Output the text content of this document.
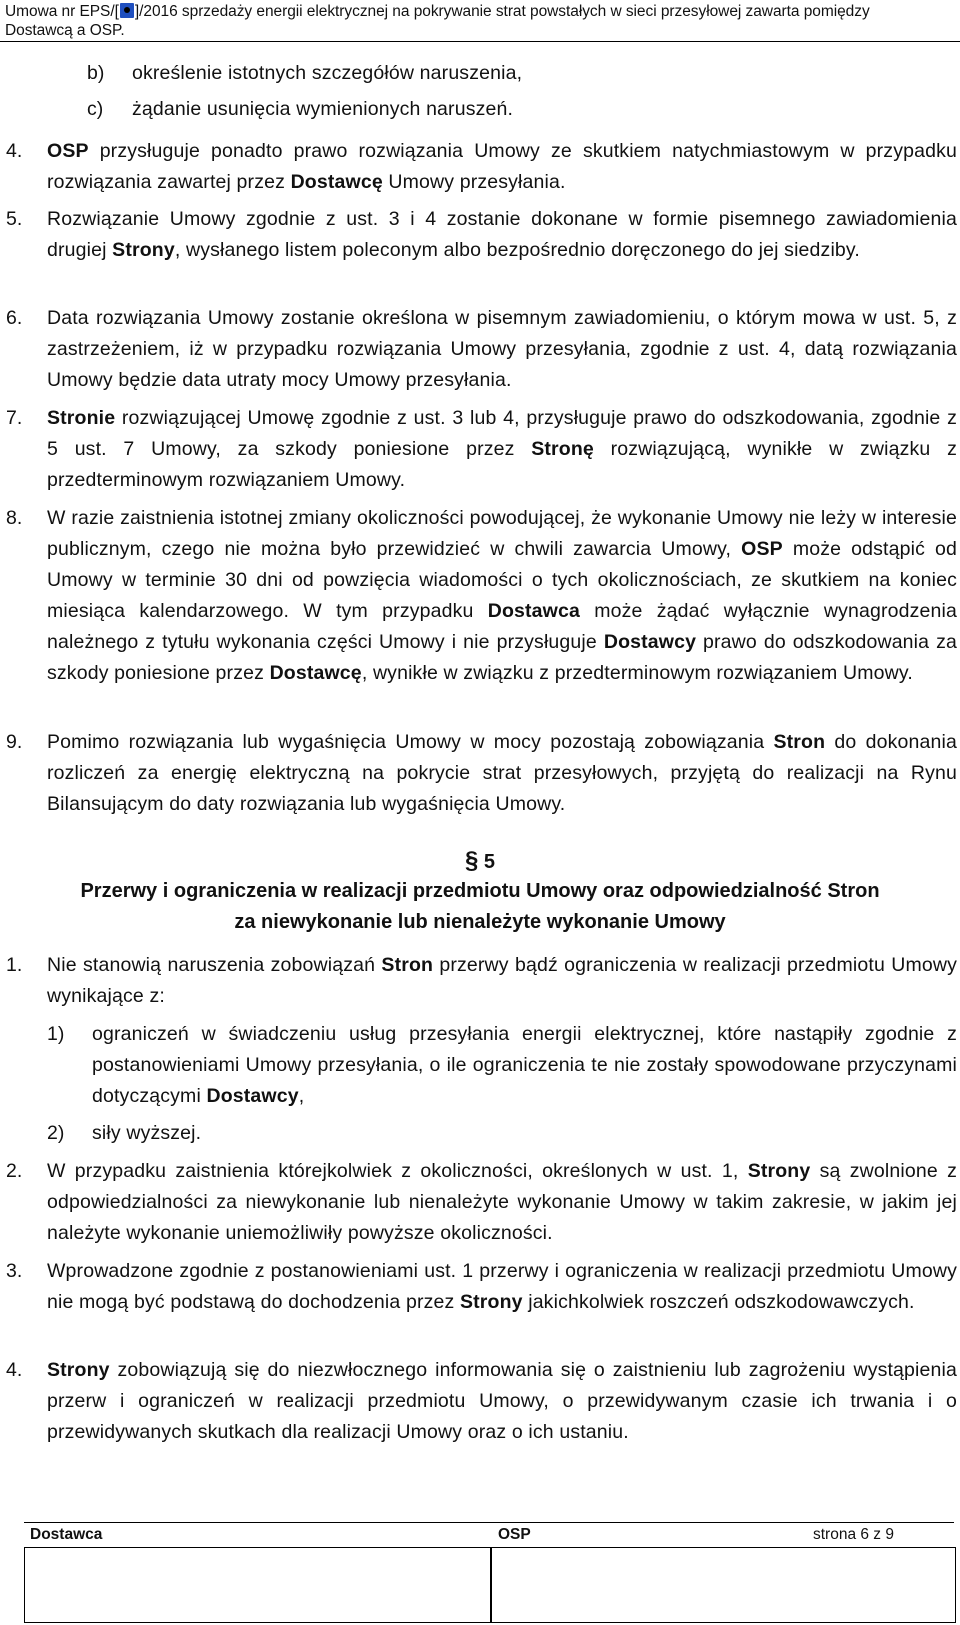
Umowa nr EPS/[ ]/2016 sprzedaży energii elektrycznej na pokrywanie strat powstałych w sieci przesyłowej zawarta pomiędzy
Dostawcą a OSP.
b) określenie istotnych szczegółów naruszenia,
c) żądanie usunięcia wymienionych naruszeń.
4. OSP przysługuje ponadto prawo rozwiązania Umowy ze skutkiem natychmiastowym w przypadku rozwiązania zawartej przez Dostawcę Umowy przesyłania.
5. Rozwiązanie Umowy zgodnie z ust. 3 i 4 zostanie dokonane w formie pisemnego zawiadomienia drugiej Strony, wysłanego listem poleconym albo bezpośrednio doręczonego do jej siedziby.
6. Data rozwiązania Umowy zostanie określona w pisemnym zawiadomieniu, o którym mowa w ust. 5, z zastrzeżeniem, iż w przypadku rozwiązania Umowy przesyłania, zgodnie z ust. 4, datą rozwiązania Umowy będzie data utraty mocy Umowy przesyłania.
7. Stronie rozwiązującej Umowę zgodnie z ust. 3 lub 4, przysługuje prawo do odszkodowania, zgodnie z 5 ust. 7 Umowy, za szkody poniesione przez Stronę rozwiązującą, wynikłe w związku z przedterminowym rozwiązaniem Umowy.
8. W razie zaistnienia istotnej zmiany okoliczności powodującej, że wykonanie Umowy nie leży w interesie publicznym, czego nie można było przewidzieć w chwili zawarcia Umowy, OSP może odstąpić od Umowy w terminie 30 dni od powzięcia wiadomości o tych okolicznościach, ze skutkiem na koniec miesiąca kalendarzowego. W tym przypadku Dostawca może żądać wyłącznie wynagrodzenia należnego z tytułu wykonania części Umowy i nie przysługuje Dostawcy prawo do odszkodowania za szkody poniesione przez Dostawcę, wynikłe w związku z przedterminowym rozwiązaniem Umowy.
9. Pomimo rozwiązania lub wygaśnięcia Umowy w mocy pozostają zobowiązania Stron do dokonania rozliczeń za energię elektryczną na pokrycie strat przesyłowych, przyjętą do realizacji na Rynu Bilansującym do daty rozwiązania lub wygaśnięcia Umowy.
§ 5
Przerwy i ograniczenia w realizacji przedmiotu Umowy oraz odpowiedzialność Stron
za niewykonanie lub nienależyte wykonanie Umowy
1. Nie stanowią naruszenia zobowiązań Stron przerwy bądź ograniczenia w realizacji przedmiotu Umowy wynikające z:
1) ograniczeń w świadczeniu usług przesyłania energii elektrycznej, które nastąpiły zgodnie z postanowieniami Umowy przesyłania, o ile ograniczenia te nie zostały spowodowane przyczynami dotyczącymi Dostawcy,
2) siły wyższej.
2. W przypadku zaistnienia którejkolwiek z okoliczności, określonych w ust. 1, Strony są zwolnione z odpowiedzialności za niewykonanie lub nienależyte wykonanie Umowy w takim zakresie, w jakim jej należyte wykonanie uniemożliwiły powyższe okoliczności.
3. Wprowadzone zgodnie z postanowieniami ust. 1 przerwy i ograniczenia w realizacji przedmiotu Umowy nie mogą być podstawą do dochodzenia przez Strony jakichkolwiek roszczeń odszkodowawczych.
4. Strony zobowiązują się do niezwłocznego informowania się o zaistnieniu lub zagrożeniu wystąpienia przerw i ograniczeń w realizacji przedmiotu Umowy, o przewidywanym czasie ich trwania i o przewidywanych skutkach dla realizacji Umowy oraz o ich ustaniu.
Dostawca	OSP	strona 6 z 9
